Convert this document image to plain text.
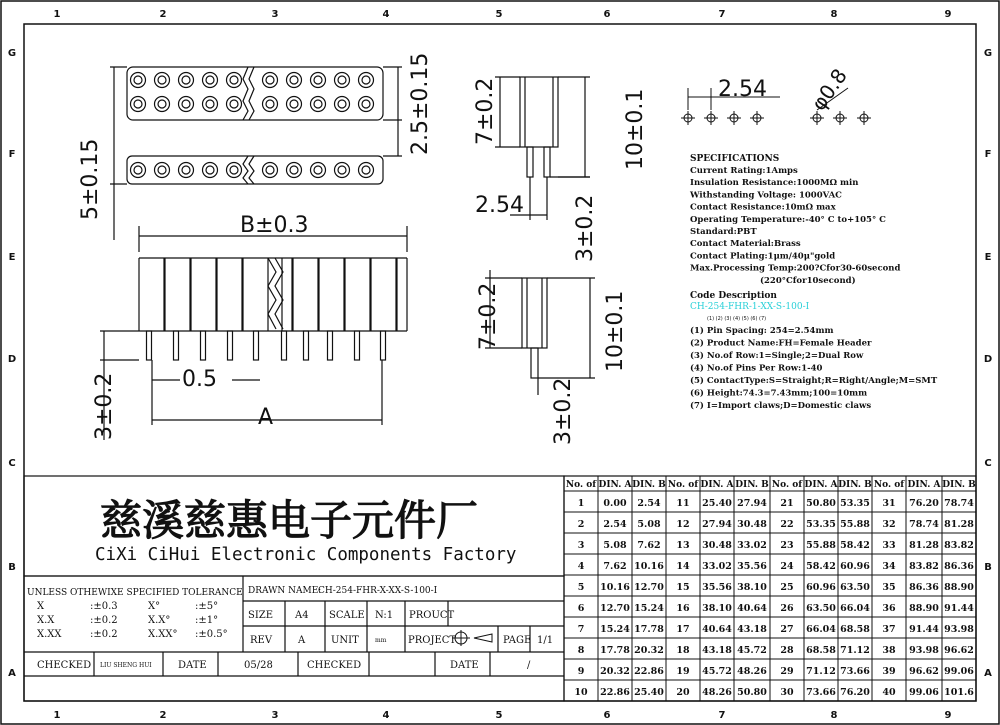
1
1
2
2
3
3
4
4
5
5
6
6
7
7
8
8
9
9
G	G
F	F
E	E
D	D
C	C
B	B
A	A
2.5±0.15
5±0.15
B±0.3
3±0.2	0.5
A
7±0.2	10±0.1
2.54 3±0.2
7±0.2	10±0.1
3±0.2
2.54 φ0.8
SPECIFICATIONS
Current Rating:1Amps
Insulation Resistance:1000MΩ min
Withstanding Voltage: 1000VAC
Contact Resistance:10mΩ max
Operating Temperature:-40° C to+105° C
Standard:PBT
Contact Material:Brass
Contact Plating:1μm/40μ"gold
Max.Processing Temp:200?Cfor30-60second
(220°Cfor10second)
Code Description
CH-254-FHR-1-XX-S-100-I
(1) (2) (3) (4) (5) (6) (7)
(1) Pin Spacing: 254=2.54mm
(2) Product Name:FH=Female Header
(3) No.of Row:1=Single;2=Dual Row
(4) No.of Pins Per Row:1-40
(5) ContactType:S=Straight;R=Right/Angle;M=SMT
(6) Height:74.3=7.43mm;100=10mm
(7) I=Import claws;D=Domestic claws
慈溪慈惠电子元件厂
CiXi CiHui Electronic Components Factory
UNLESS OTHEWIXE SPECIFIED TOLERANCE
X	:±0.3	X°	:±5°
X.X	:±0.2	X.X° :±1°
X.XX	:±0.2	X.XX° :±0.5°
DRAWN NAME:
CH-254-FHR-X-XX-S-100-I
SIZE A4 SCALE N:1 PROUCT
REV	A	UNIT	mm PROJECT	PAGE 1/1
CHECKED LIU SHENG HUI	DATE	05/28	CHECKED	DATE	/
No. of DIN. A DIN. B No. of DIN. A DIN. B No. of DIN. A DIN. B No. of DIN. A DIN. B
1 0.00 2.54 11 25.40 27.94 21 50.80 53.35 31 76.20 78.74
2 2.54 5.08 12 27.94 30.48 22 53.35 55.88 32 78.74 81.28
3 5.08 7.62 13 30.48 33.02 23 55.88 58.42 33 81.28 83.82
4 7.62 10.16 14 33.02 35.56 24 58.42 60.96 34 83.82 86.36
5 10.16 12.70 15 35.56 38.10 25 60.96 63.50 35 86.36 88.90
6 12.70 15.24 16 38.10 40.64 26 63.50 66.04 36 88.90 91.44
7 15.24 17.78 17 40.64 43.18 27 66.04 68.58 37 91.44 93.98
8 17.78 20.32 18 43.18 45.72 28 68.58 71.12 38 93.98 96.62
9 20.32 22.86 19 45.72 48.26 29 71.12 73.66 39 96.62 99.06
10 22.86 25.40 20 48.26 50.80 30 73.66 76.20 40 99.06 101.6
